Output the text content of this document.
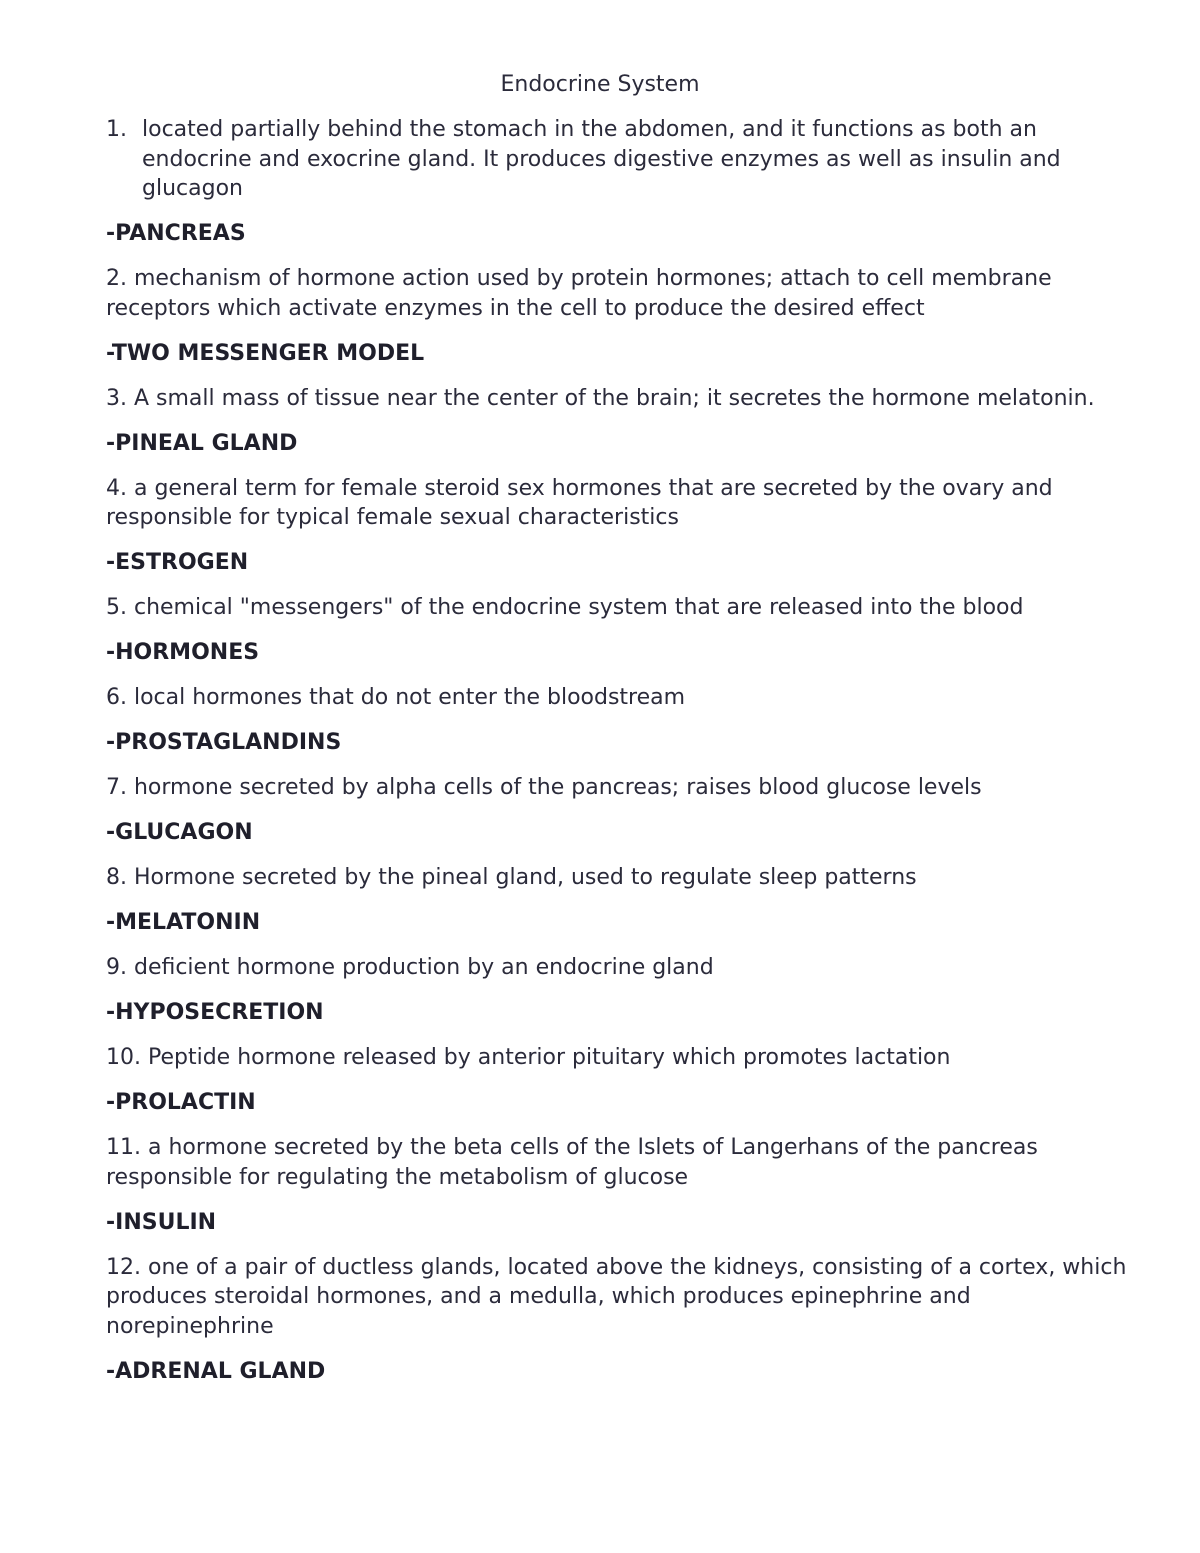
Endocrine System
1. located partially behind the stomach in the abdomen, and it functions as both an endocrine and exocrine gland. It produces digestive enzymes as well as insulin and glucagon

-PANCREAS

2. mechanism of hormone action used by protein hormones; attach to cell membrane receptors which activate enzymes in the cell to produce the desired effect

-TWO MESSENGER MODEL

3. A small mass of tissue near the center of the brain; it secretes the hormone melatonin.

-PINEAL GLAND

4. a general term for female steroid sex hormones that are secreted by the ovary and responsible for typical female sexual characteristics

-ESTROGEN

5. chemical "messengers" of the endocrine system that are released into the blood

-HORMONES

6. local hormones that do not enter the bloodstream

-PROSTAGLANDINS

7. hormone secreted by alpha cells of the pancreas; raises blood glucose levels

-GLUCAGON

8. Hormone secreted by the pineal gland, used to regulate sleep patterns

-MELATONIN

9. deficient hormone production by an endocrine gland

-HYPOSECRETION

10. Peptide hormone released by anterior pituitary which promotes lactation

-PROLACTIN

11. a hormone secreted by the beta cells of the Islets of Langerhans of the pancreas responsible for regulating the metabolism of glucose

-INSULIN

12. one of a pair of ductless glands, located above the kidneys, consisting of a cortex, which produces steroidal hormones, and a medulla, which produces epinephrine and norepinephrine

-ADRENAL GLAND
